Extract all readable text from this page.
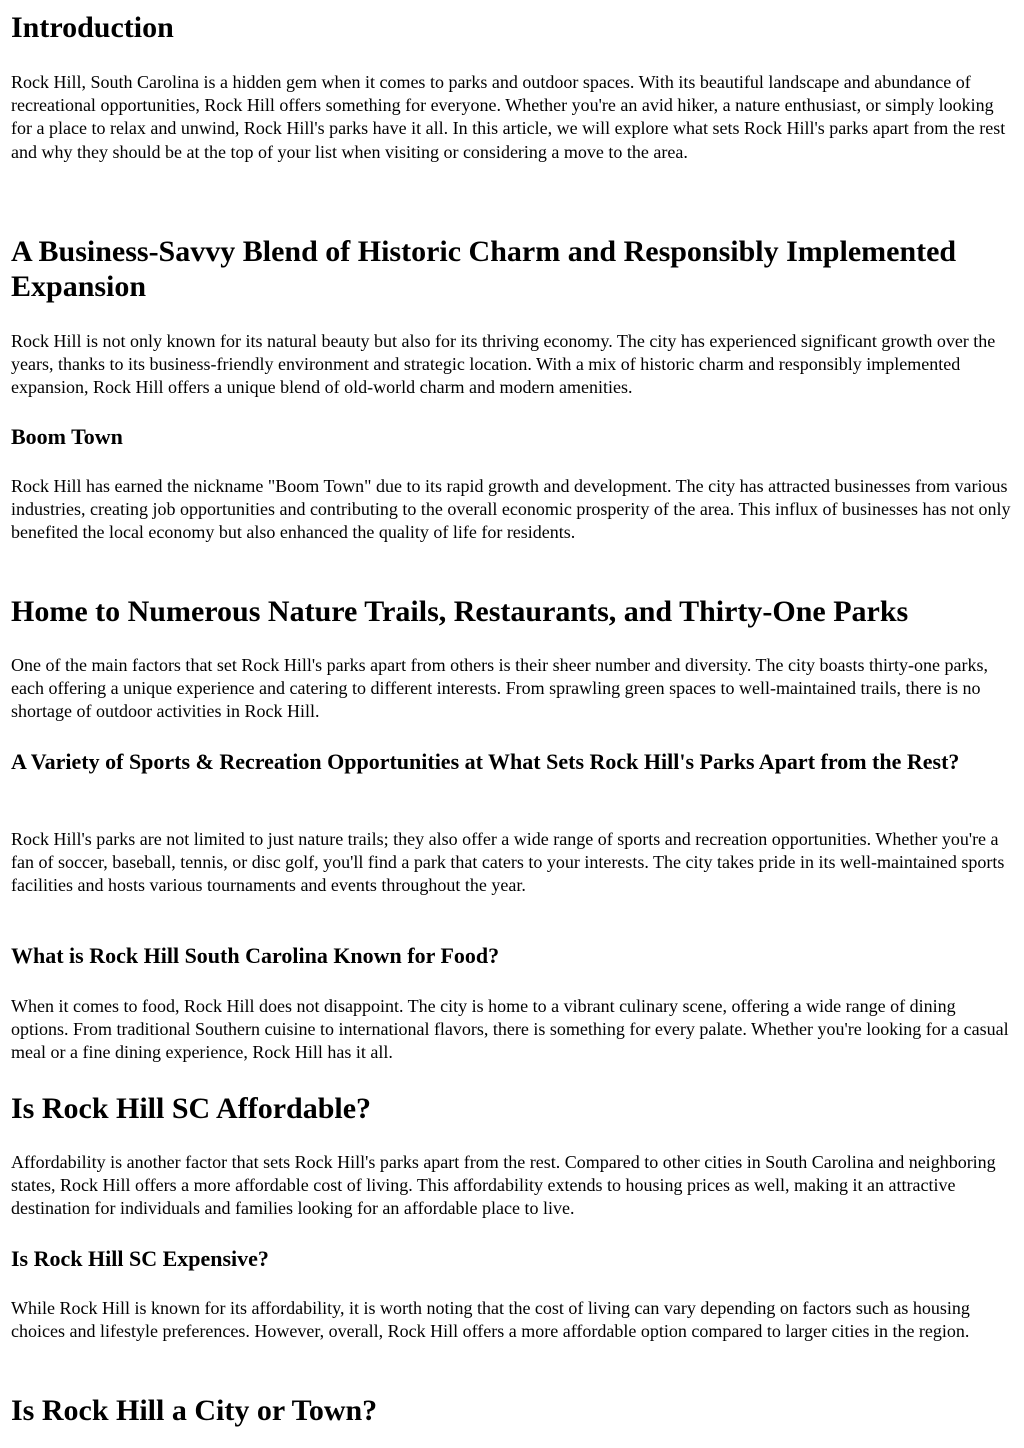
Introduction

Rock Hill, South Carolina is a hidden gem when it comes to parks and outdoor spaces. With its beautiful landscape and abundance of recreational opportunities, Rock Hill offers something for everyone. Whether you're an avid hiker, a nature enthusiast, or simply looking for a place to relax and unwind, Rock Hill's parks have it all. In this article, we will explore what sets Rock Hill's parks apart from the rest and why they should be at the top of your list when visiting or considering a move to the area.

A Business-Savvy Blend of Historic Charm and Responsibly Implemented Expansion

Rock Hill is not only known for its natural beauty but also for its thriving economy. The city has experienced significant growth over the years, thanks to its business-friendly environment and strategic location. With a mix of historic charm and responsibly implemented expansion, Rock Hill offers a unique blend of old-world charm and modern amenities.

Boom Town

Rock Hill has earned the nickname "Boom Town" due to its rapid growth and development. The city has attracted businesses from various industries, creating job opportunities and contributing to the overall economic prosperity of the area. This influx of businesses has not only benefited the local economy but also enhanced the quality of life for residents.

Home to Numerous Nature Trails, Restaurants, and Thirty-One Parks

One of the main factors that set Rock Hill's parks apart from others is their sheer number and diversity. The city boasts thirty-one parks, each offering a unique experience and catering to different interests. From sprawling green spaces to well-maintained trails, there is no shortage of outdoor activities in Rock Hill.

A Variety of Sports & Recreation Opportunities at What Sets Rock Hill's Parks Apart from the Rest?

Rock Hill's parks are not limited to just nature trails; they also offer a wide range of sports and recreation opportunities. Whether you're a fan of soccer, baseball, tennis, or disc golf, you'll find a park that caters to your interests. The city takes pride in its well-maintained sports facilities and hosts various tournaments and events throughout the year.

What is Rock Hill South Carolina Known for Food?

When it comes to food, Rock Hill does not disappoint. The city is home to a vibrant culinary scene, offering a wide range of dining options. From traditional Southern cuisine to international flavors, there is something for every palate. Whether you're looking for a casual meal or a fine dining experience, Rock Hill has it all.

Is Rock Hill SC Affordable?

Affordability is another factor that sets Rock Hill's parks apart from the rest. Compared to other cities in South Carolina and neighboring states, Rock Hill offers a more affordable cost of living. This affordability extends to housing prices as well, making it an attractive destination for individuals and families looking for an affordable place to live.

Is Rock Hill SC Expensive?

While Rock Hill is known for its affordability, it is worth noting that the cost of living can vary depending on factors such as housing choices and lifestyle preferences. However, overall, Rock Hill offers a more affordable option compared to larger cities in the region.

Is Rock Hill a City or Town?
